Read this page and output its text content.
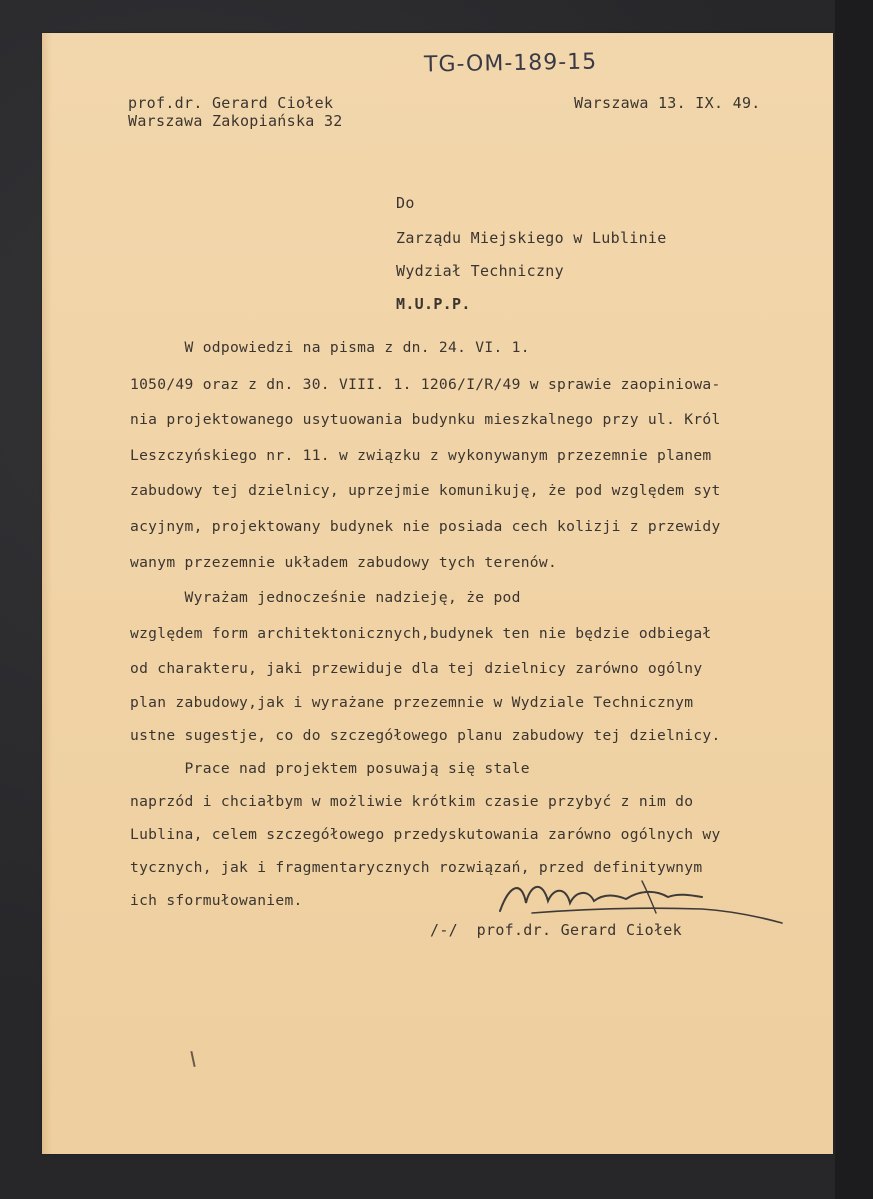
TG-OM-189-15
prof.dr. Gerard Ciołek
Warszawa Zakopiańska 32
Warszawa 13. IX. 49.
Do
Zarządu Miejskiego w Lublinie
Wydział Techniczny
M.U.P.P.
W odpowiedzi na pisma z dn. 24. VI. 1.
1050/49 oraz z dn. 30. VIII. 1. 1206/I/R/49 w sprawie zaopiniowa-
nia projektowanego usytuowania budynku mieszkalnego przy ul. Król
Leszczyńskiego nr. 11. w związku z wykonywanym przezemnie planem
zabudowy tej dzielnicy, uprzejmie komunikuję, że pod względem syt
acyjnym, projektowany budynek nie posiada cech kolizji z przewidy
wanym przezemnie układem zabudowy tych terenów.
Wyrażam jednocześnie nadzieję, że pod
względem form architektonicznych,budynek ten nie będzie odbiegał
od charakteru, jaki przewiduje dla tej dzielnicy zarówno ogólny
plan zabudowy,jak i wyrażane przezemnie w Wydziale Technicznym
ustne sugestje, co do szczegółowego planu zabudowy tej dzielnicy.
Prace nad projektem posuwają się stale
naprzód i chciałbym w możliwie krótkim czasie przybyć z nim do
Lublina, celem szczegółowego przedyskutowania zarówno ogólnych wy
tycznych, jak i fragmentarycznych rozwiązań, przed definitywnym
ich sformułowaniem.
/-/  prof.dr. Gerard Ciołek
